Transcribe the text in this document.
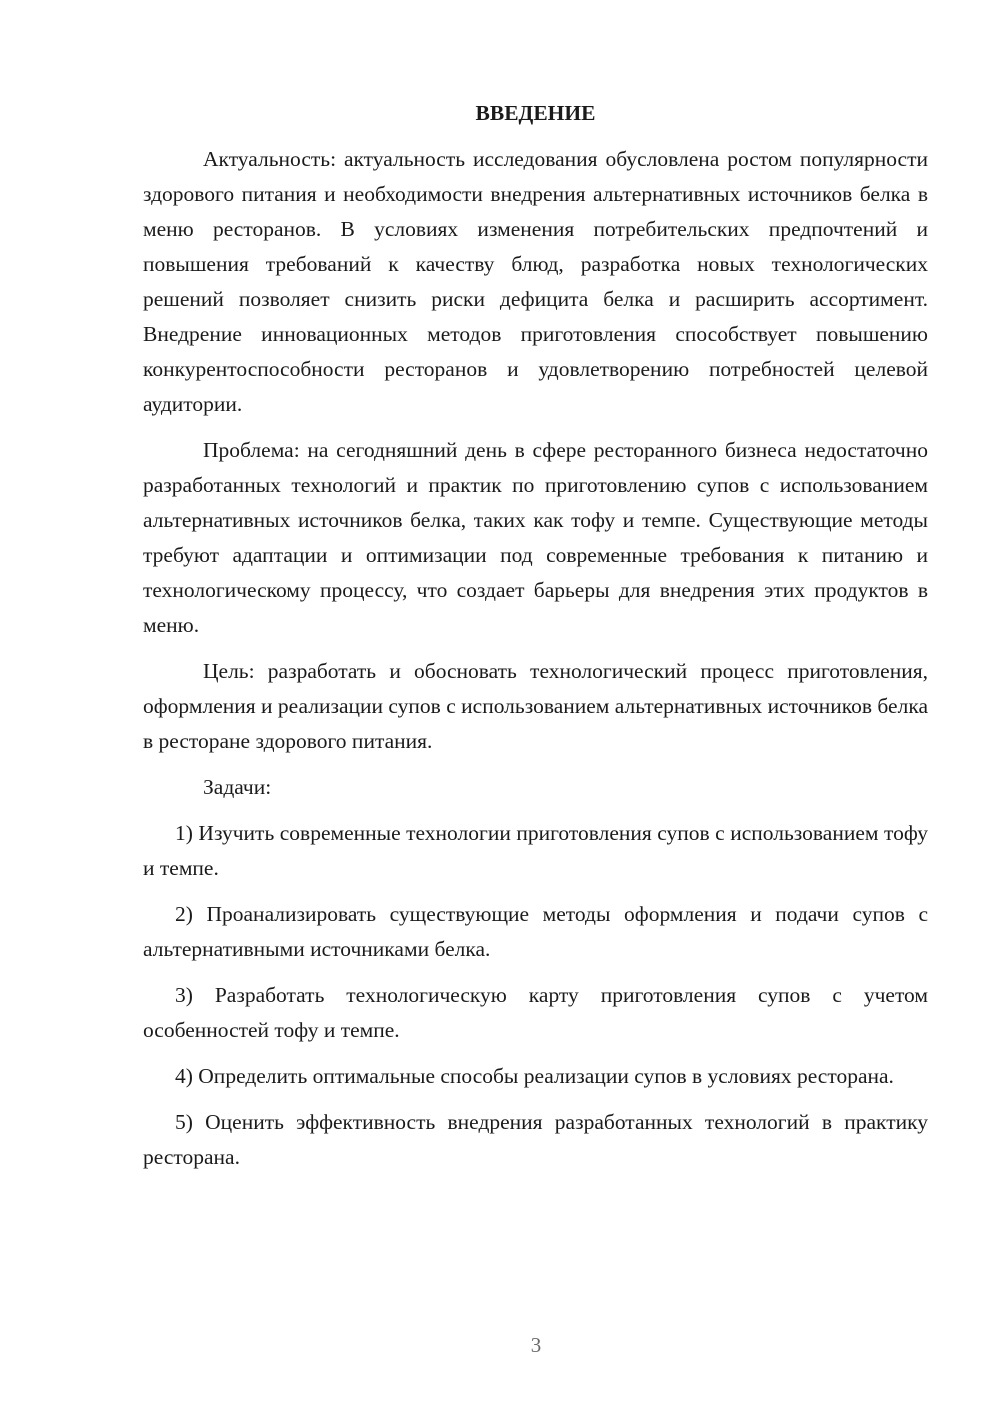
ВВЕДЕНИЕ

Актуальность: актуальность исследования обусловлена ростом популярности здорового питания и необходимости внедрения альтернативных источников белка в меню ресторанов. В условиях изменения потребительских предпочтений и повышения требований к качеству блюд, разработка новых технологических решений позволяет снизить риски дефицита белка и расширить ассортимент. Внедрение инновационных методов приготовления способствует повышению конкурентоспособности ресторанов и удовлетворению потребностей целевой аудитории.

Проблема: на сегодняшний день в сфере ресторанного бизнеса недостаточно разработанных технологий и практик по приготовлению супов с использованием альтернативных источников белка, таких как тофу и темпе. Существующие методы требуют адаптации и оптимизации под современные требования к питанию и технологическому процессу, что создает барьеры для внедрения этих продуктов в меню.

Цель: разработать и обосновать технологический процесс приготовления, оформления и реализации супов с использованием альтернативных источников белка в ресторане здорового питания.

Задачи:

1) Изучить современные технологии приготовления супов с использованием тофу и темпе.

2) Проанализировать существующие методы оформления и подачи супов с альтернативными источниками белка.

3) Разработать технологическую карту приготовления супов с учетом особенностей тофу и темпе.

4) Определить оптимальные способы реализации супов в условиях ресторана.

5) Оценить эффективность внедрения разработанных технологий в практику ресторана.

3
